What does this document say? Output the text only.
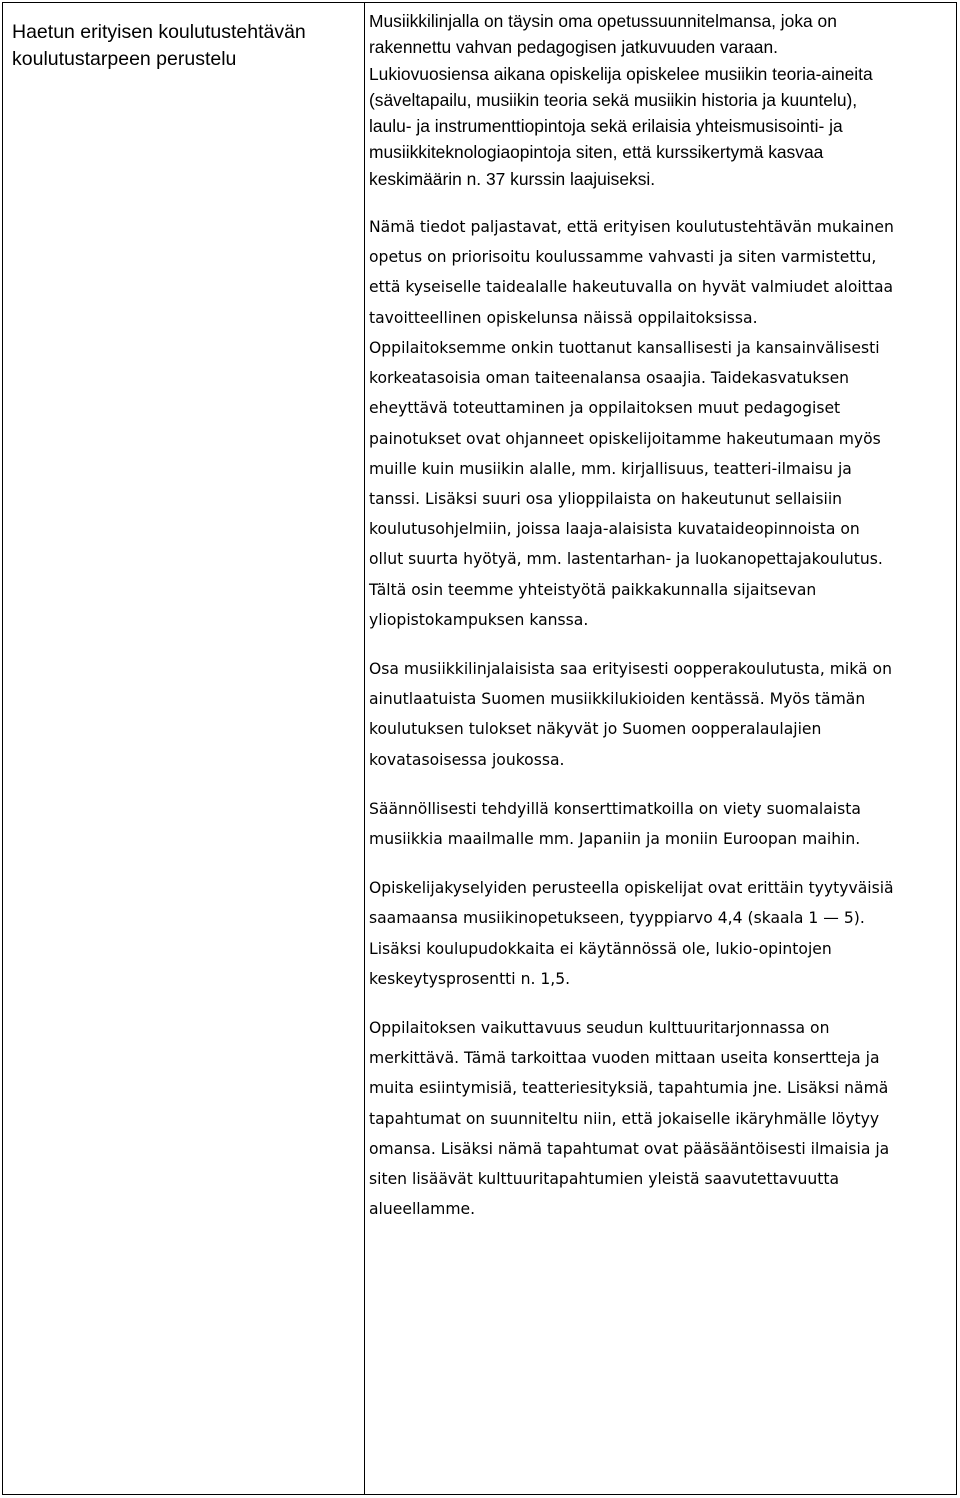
Haetun erityisen koulutustehtävän
koulutustarpeen perustelu

Musiikkilinjalla on täysin oma opetussuunnitelmansa, joka on
rakennettu vahvan pedagogisen jatkuvuuden varaan.
Lukiovuosiensa aikana opiskelija opiskelee musiikin teoria-aineita
(säveltapailu, musiikin teoria sekä musiikin historia ja kuuntelu),
laulu- ja instrumenttiopintoja sekä erilaisia yhteismusisointi- ja
musiikkiteknologiaopintoja siten, että kurssikertymä kasvaa
keskimäärin n. 37 kurssin laajuiseksi.

Nämä tiedot paljastavat, että erityisen koulutustehtävän mukainen
opetus on priorisoitu koulussamme vahvasti ja siten varmistettu,
että kyseiselle taidealalle hakeutuvalla on hyvät valmiudet aloittaa
tavoitteellinen opiskelunsa näissä oppilaitoksissa.
Oppilaitoksemme onkin tuottanut kansallisesti ja kansainvälisesti
korkeatasoisia oman taiteenalansa osaajia. Taidekasvatuksen
eheyttävä toteuttaminen ja oppilaitoksen muut pedagogiset
painotukset ovat ohjanneet opiskelijoitamme hakeutumaan myös
muille kuin musiikin alalle, mm. kirjallisuus, teatteri-ilmaisu ja
tanssi. Lisäksi suuri osa ylioppilaista on hakeutunut sellaisiin
koulutusohjelmiin, joissa laaja-alaisista kuvataideopinnoista on
ollut suurta hyötyä, mm. lastentarhan- ja luokanopettajakoulutus.
Tältä osin teemme yhteistyötä paikkakunnalla sijaitsevan
yliopistokampuksen kanssa.

Osa musiikkilinjalaisista saa erityisesti oopperakoulutusta, mikä on
ainutlaatuista Suomen musiikkilukioiden kentässä. Myös tämän
koulutuksen tulokset näkyvät jo Suomen oopperalaulajien
kovatasoisessa joukossa.

Säännöllisesti tehdyillä konserttimatkoilla on viety suomalaista
musiikkia maailmalle mm. Japaniin ja moniin Euroopan maihin.

Opiskelijakyselyiden perusteella opiskelijat ovat erittäin tyytyväisiä
saamaansa musiikinopetukseen, tyyppiarvo 4,4 (skaala 1 — 5).
Lisäksi koulupudokkaita ei käytännössä ole, lukio-opintojen
keskeytysprosentti n. 1,5.

Oppilaitoksen vaikuttavuus seudun kulttuuritarjonnassa on
merkittävä. Tämä tarkoittaa vuoden mittaan useita konsertteja ja
muita esiintymisiä, teatteriesityksiä, tapahtumia jne. Lisäksi nämä
tapahtumat on suunniteltu niin, että jokaiselle ikäryhmälle löytyy
omansa. Lisäksi nämä tapahtumat ovat pääsääntöisesti ilmaisia ja
siten lisäävät kulttuuritapahtumien yleistä saavutettavuutta
alueellamme.
